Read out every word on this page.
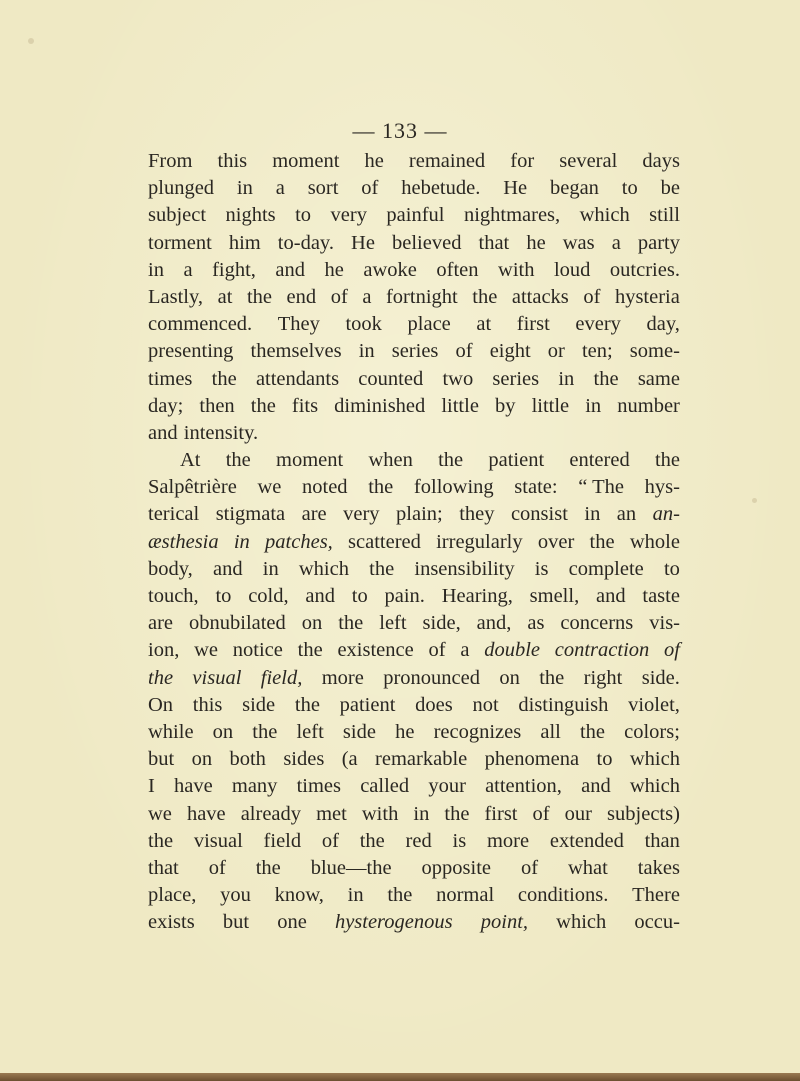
— 133 —
From this moment he remained for several days
plunged in a sort of hebetude. He began to be
subject nights to very painful nightmares, which still
torment him to-day. He believed that he was a party
in a fight, and he awoke often with loud outcries.
Lastly, at the end of a fortnight the attacks of hysteria
commenced. They took place at first every day,
presenting themselves in series of eight or ten; some-
times the attendants counted two series in the same
day; then the fits diminished little by little in number
and intensity.
At the moment when the patient entered the
Salpêtrière we noted the following state: “ The hys-
terical stigmata are very plain; they consist in an an-
æsthesia in patches, scattered irregularly over the whole
body, and in which the insensibility is complete to
touch, to cold, and to pain. Hearing, smell, and taste
are obnubilated on the left side, and, as concerns vis-
ion, we notice the existence of a double contraction of
the visual field, more pronounced on the right side.
On this side the patient does not distinguish violet,
while on the left side he recognizes all the colors;
but on both sides (a remarkable phenomena to which
I have many times called your attention, and which
we have already met with in the first of our subjects)
the visual field of the red is more extended than
that of the blue—the opposite of what takes
place, you know, in the normal conditions. There
exists but one hysterogenous point, which occu-
